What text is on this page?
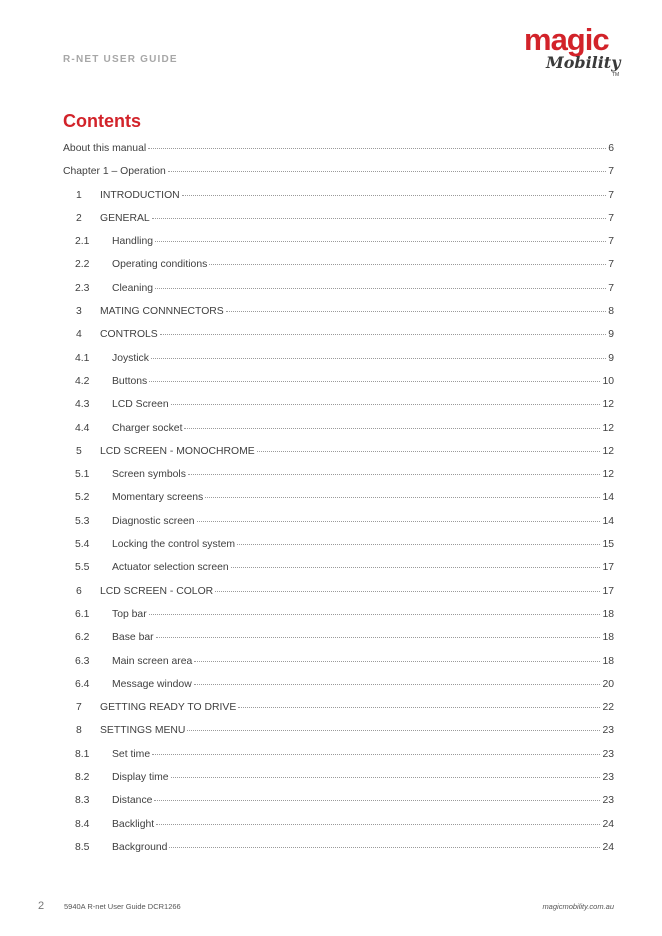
R-NET USER GUIDE
magic
Mobility
TM
Contents
About this manual	6
Chapter 1 – Operation	7
1	INTRODUCTION	7
2	GENERAL	7
2.1	Handling	7
2.2	Operating conditions	7
2.3	Cleaning	7
3	MATING CONNNECTORS	8
4	CONTROLS	9
4.1	Joystick	9
4.2	Buttons	10
4.3	LCD Screen	12
4.4	Charger socket	12
5	LCD SCREEN - MONOCHROME	12
5.1	Screen symbols	12
5.2	Momentary screens	14
5.3	Diagnostic screen	14
5.4	Locking the control system	15
5.5	Actuator selection screen	17
6	LCD SCREEN - COLOR	17
6.1	Top bar	18
6.2	Base bar	18
6.3	Main screen area	18
6.4	Message window	20
7	GETTING READY TO DRIVE	22
8	SETTINGS MENU	23
8.1	Set time	23
8.2	Display time	23
8.3	Distance	23
8.4	Backlight	24
8.5	Background	24
2	5940A R-net User Guide DCR1266	magicmobility.com.au
